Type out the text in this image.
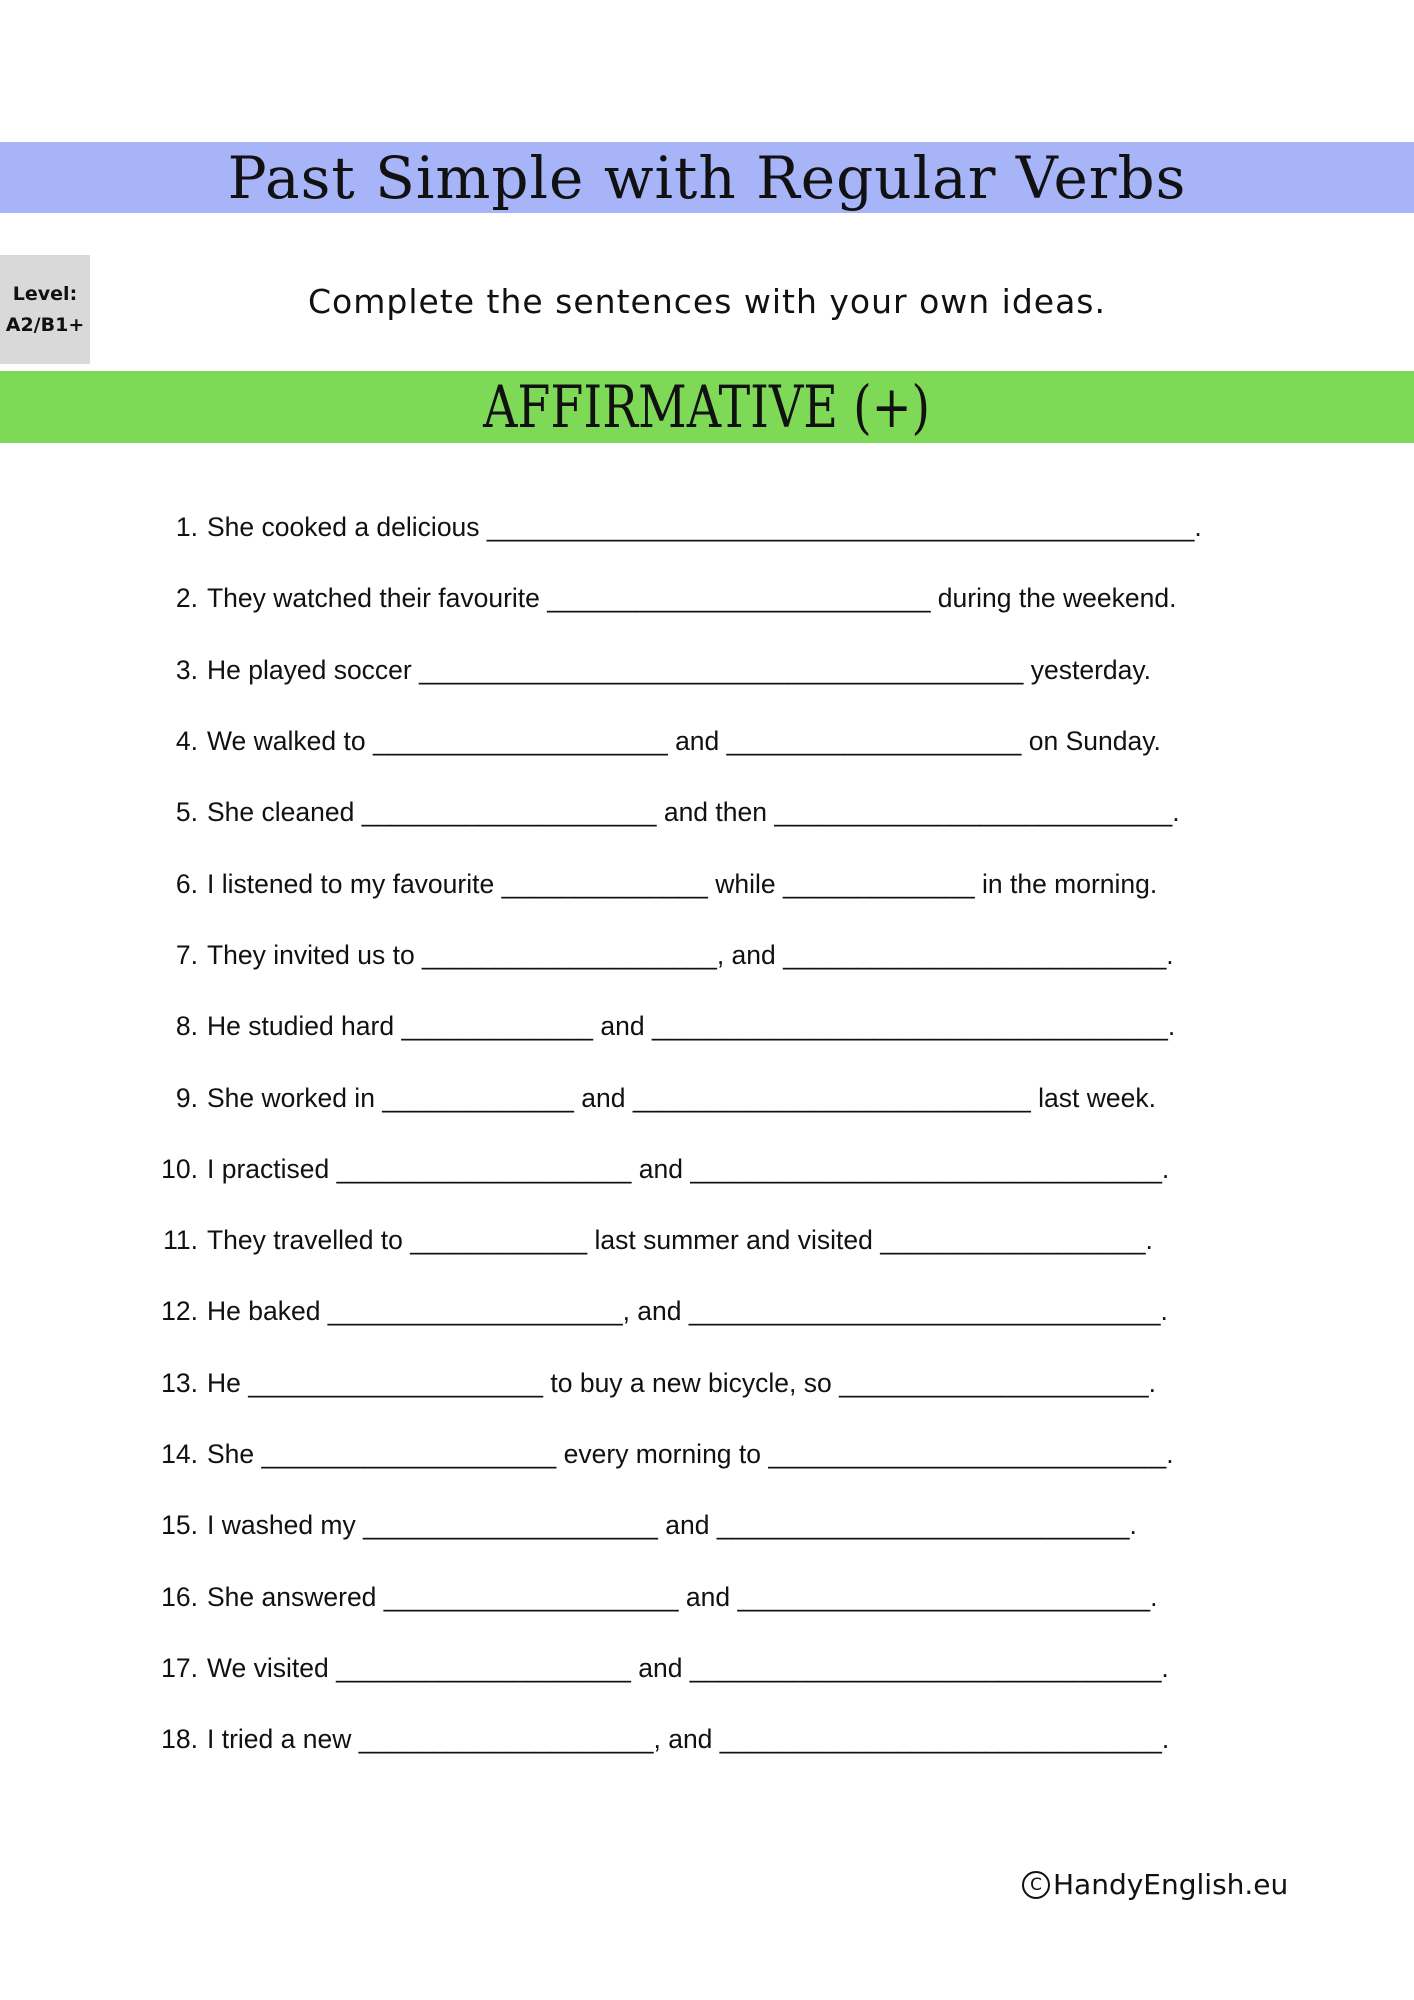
Past Simple with Regular Verbs
Level:
A2/B1+
Complete the sentences with your own ideas.
AFFIRMATIVE (+)
1. She cooked a delicious ________________________________________________.
2. They watched their favourite __________________________ during the weekend.
3. He played soccer _________________________________________ yesterday.
4. We walked to ____________________ and ____________________ on Sunday.
5. She cleaned ____________________ and then ___________________________.
6. I listened to my favourite ______________ while _____________ in the morning.
7. They invited us to ____________________, and __________________________.
8. He studied hard _____________ and ___________________________________.
9. She worked in _____________ and ___________________________ last week.
10. I practised ____________________ and ________________________________.
11. They travelled to ____________ last summer and visited __________________.
12. He baked ____________________, and ________________________________.
13. He ____________________ to buy a new bicycle, so _____________________.
14. She ____________________ every morning to ___________________________.
15. I washed my ____________________ and ____________________________.
16. She answered ____________________ and ____________________________.
17. We visited ____________________ and ________________________________.
18. I tried a new ____________________, and ______________________________.
C HandyEnglish.eu
